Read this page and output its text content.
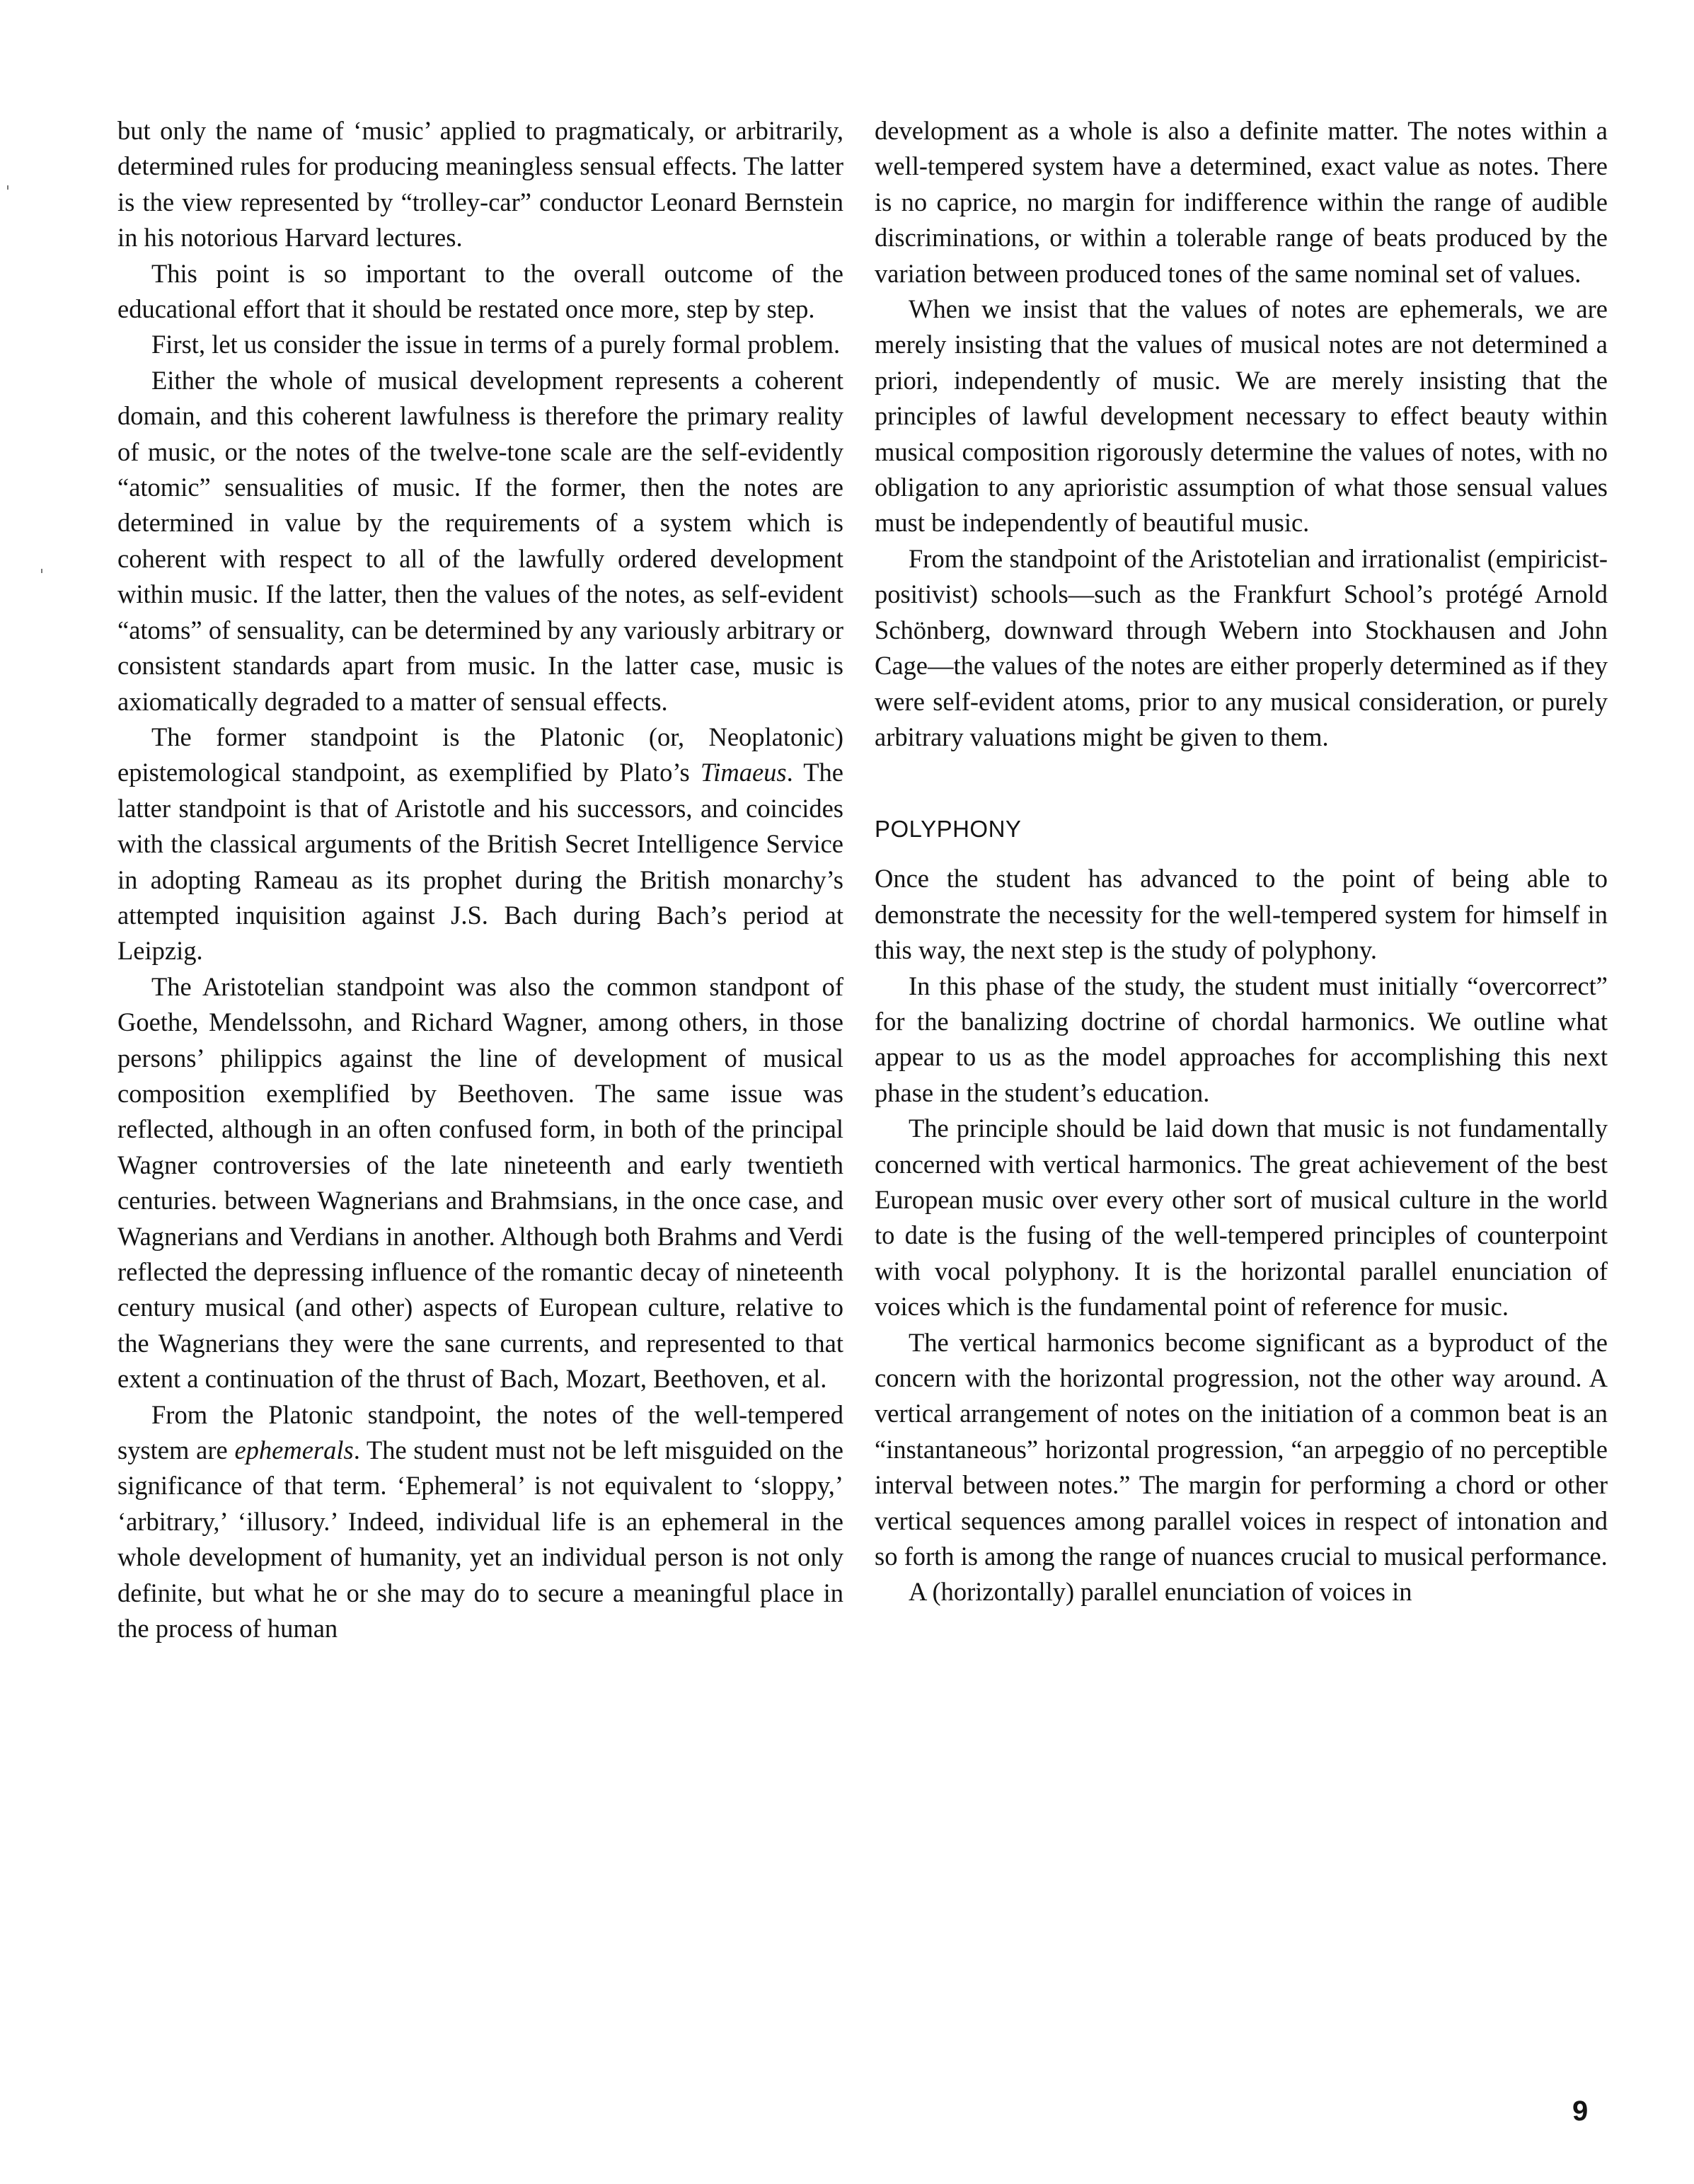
but only the name of ‘music’ applied to pragmaticaly, or arbitrarily, determined rules for producing meaningless sensual effects. The latter is the view represented by “trolley-car” conductor Leonard Bernstein in his notorious Harvard lectures.

This point is so important to the overall outcome of the educational effort that it should be restated once more, step by step.

First, let us consider the issue in terms of a purely formal problem.

Either the whole of musical development represents a coherent domain, and this coherent lawfulness is therefore the primary reality of music, or the notes of the twelve-tone scale are the self-evidently “atomic” sensualities of music. If the former, then the notes are determined in value by the requirements of a system which is coherent with respect to all of the lawfully ordered development within music. If the latter, then the values of the notes, as self-evident “atoms” of sensuality, can be determined by any variously arbitrary or consistent standards apart from music. In the latter case, music is axiomatically degraded to a matter of sensual effects.

The former standpoint is the Platonic (or, Neoplatonic) epistemological standpoint, as exemplified by Plato’s Timaeus. The latter standpoint is that of Aristotle and his successors, and coincides with the classical arguments of the British Secret Intelligence Service in adopting Rameau as its prophet during the British monarchy’s attempted inquisition against J.S. Bach during Bach’s period at Leipzig.

The Aristotelian standpoint was also the common standpont of Goethe, Mendelssohn, and Richard Wagner, among others, in those persons’ philippics against the line of development of musical composition exemplified by Beethoven. The same issue was reflected, although in an often confused form, in both of the principal Wagner controversies of the late nineteenth and early twentieth centuries. between Wagnerians and Brahmsians, in the once case, and Wagnerians and Verdians in another. Although both Brahms and Verdi reflected the depressing influence of the romantic decay of nineteenth century musical (and other) aspects of European culture, relative to the Wagnerians they were the sane currents, and represented to that extent a continuation of the thrust of Bach, Mozart, Beethoven, et al.

From the Platonic standpoint, the notes of the well-tempered system are ephemerals. The student must not be left misguided on the significance of that term. ‘Ephemeral’ is not equivalent to ‘sloppy,’ ‘arbitrary,’ ‘illusory.’ Indeed, individual life is an ephemeral in the whole development of humanity, yet an individual person is not only definite, but what he or she may do to secure a meaningful place in the process of human

development as a whole is also a definite matter. The notes within a well-tempered system have a determined, exact value as notes. There is no caprice, no margin for indifference within the range of audible discriminations, or within a tolerable range of beats produced by the variation between produced tones of the same nominal set of values.

When we insist that the values of notes are ephemerals, we are merely insisting that the values of musical notes are not determined a priori, independently of music. We are merely insisting that the principles of lawful development necessary to effect beauty within musical composition rigorously determine the values of notes, with no obligation to any aprioristic assumption of what those sensual values must be independently of beautiful music.

From the standpoint of the Aristotelian and irrationalist (empiricist-positivist) schools—such as the Frankfurt School’s protégé Arnold Schönberg, downward through Webern into Stockhausen and John Cage—the values of the notes are either properly determined as if they were self-evident atoms, prior to any musical consideration, or purely arbitrary valuations might be given to them.

POLYPHONY

Once the student has advanced to the point of being able to demonstrate the necessity for the well-tempered system for himself in this way, the next step is the study of polyphony.

In this phase of the study, the student must initially “overcorrect” for the banalizing doctrine of chordal harmonics. We outline what appear to us as the model approaches for accomplishing this next phase in the student’s education.

The principle should be laid down that music is not fundamentally concerned with vertical harmonics. The great achievement of the best European music over every other sort of musical culture in the world to date is the fusing of the well-tempered principles of counterpoint with vocal polyphony. It is the horizontal parallel enunciation of voices which is the fundamental point of reference for music.

The vertical harmonics become significant as a byproduct of the concern with the horizontal progression, not the other way around. A vertical arrangement of notes on the initiation of a common beat is an “instantaneous” horizontal progression, “an arpeggio of no perceptible interval between notes.” The margin for performing a chord or other vertical sequences among parallel voices in respect of intonation and so forth is among the range of nuances crucial to musical performance.

A (horizontally) parallel enunciation of voices in

9
